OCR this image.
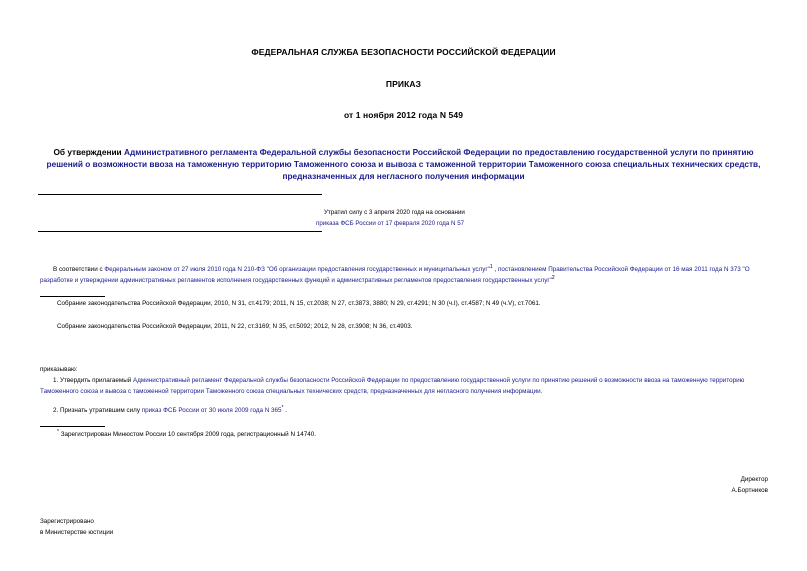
ФЕДЕРАЛЬНАЯ СЛУЖБА БЕЗОПАСНОСТИ РОССИЙСКОЙ ФЕДЕРАЦИИ
ПРИКАЗ
от 1 ноября 2012 года N 549
Об утверждении Административного регламента Федеральной службы безопасности Российской Федерации по предоставлению государственной услуги по принятию решений о возможности ввоза на таможенную территорию Таможенного союза и вывоза с таможенной территории Таможенного союза специальных технических средств, предназначенных для негласного получения информации
Утратил силу с 3 апреля 2020 года на основании
приказа ФСБ России от 17 февраля 2020 года N 57
В соответствии с Федеральным законом от 27 июля 2010 года N 210-ФЗ "Об организации предоставления государственных и муниципальных услуг"$^1$ , постановлением Правительства Российской Федерации от 16 мая 2011 года N 373 "О разработке и утверждении административных регламентов исполнения государственных функций и административных регламентов предоставления государственных услуг"$^2$
Собрание законодательства Российской Федерации, 2010, N 31, ст.4179; 2011, N 15, ст.2038; N 27, ст.3873, 3880; N 29, ст.4291; N 30 (ч.I), ст.4587; N 49 (ч.V), ст.7061.
Собрание законодательства Российской Федерации, 2011, N 22, ст.3169; N 35, ст.5092; 2012, N 28, ст.3908; N 36, ст.4903.
приказываю:
1. Утвердить прилагаемый Административный регламент Федеральной службы безопасности Российской Федерации по предоставлению государственной услуги по принятию решений о возможности ввоза на таможенную территорию Таможенного союза и вывоза с таможенной территории Таможенного союза специальных технических средств, предназначенных для негласного получения информации.
2. Признать утратившим силу приказ ФСБ России от 30 июля 2009 года N 365* .
* Зарегистрирован Минюстом России 10 сентября 2009 года, регистрационный N 14740.
Директор
А.Бортников
Зарегистрировано
в Министерстве юстиции
